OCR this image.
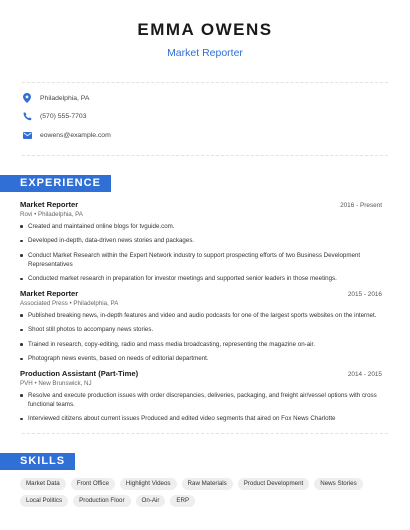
EMMA OWENS
Market Reporter
Philadelphia, PA
(570) 555-7703
eowens@example.com
EXPERIENCE
Market Reporter	2016 - Present
Rovi • Philadelphia, PA
Created and maintained online blogs for tvguide.com.
Developed in-depth, data-driven news stories and packages.
Conduct Market Research within the Expert Network industry to support prospecting efforts of two Business Development Representatives
Conducted market research in preparation for investor meetings and supported senior leaders in those meetings.
Market Reporter	2015 - 2016
Associated Press • Philadelphia, PA
Published breaking news, in-depth features and video and audio podcasts for one of the largest sports websites on the internet.
Shoot still photos to accompany news stories.
Trained in research, copy-editing, radio and mass media broadcasting, representing the magazine on-air.
Photograph news events, based on needs of editorial department.
Production Assistant (Part-Time)	2014 - 2015
PVH • New Brunswick, NJ
Resolve and execute production issues with order discrepancies, deliveries, packaging, and freight air/vessel options with cross functional teams.
Interviewed citizens about current issues Produced and edited video segments that aired on Fox News Charlotte
SKILLS
Market Data	Front Office	Highlight Videos	Raw Materials	Product Development	News Stories
Local Politics	Production Floor	On-Air	ERP
